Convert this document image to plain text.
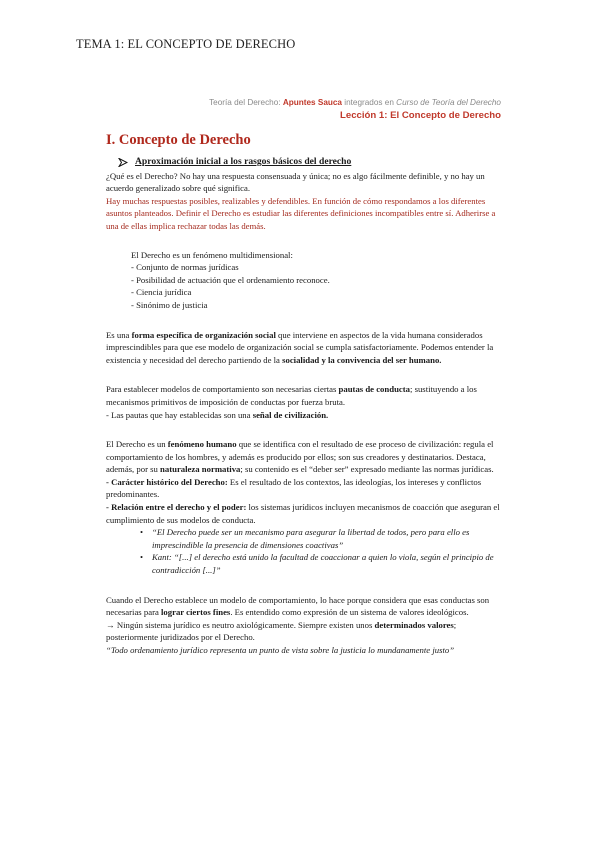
TEMA 1: EL CONCEPTO DE DERECHO
Teoría del Derecho: Apuntes Sauca integrados en Curso de Teoría del Derecho
Lección 1: El Concepto de Derecho
I. Concepto de Derecho
Aproximación inicial a los rasgos básicos del derecho

¿Qué es el Derecho? No hay una respuesta consensuada y única; no es algo fácilmente definible, y no hay un acuerdo generalizado sobre qué significa.

Hay muchas respuestas posibles, realizables y defendibles. En función de cómo respondamos a los diferentes asuntos planteados. Definir el Derecho es estudiar las diferentes definiciones incompatibles entre sí. Adherirse a una de ellas implica rechazar todas las demás.

El Derecho es un fenómeno multidimensional:

- Conjunto de normas jurídicas

- Posibilidad de actuación que el ordenamiento reconoce.

- Ciencia jurídica

- Sinónimo de justicia

Es una forma específica de organización social que interviene en aspectos de la vida humana considerados imprescindibles para que ese modelo de organización social se cumpla satisfactoriamente. Podemos entender la existencia y necesidad del derecho partiendo de la socialidad y la convivencia del ser humano.

Para establecer modelos de comportamiento son necesarias ciertas pautas de conducta; sustituyendo a los mecanismos primitivos de imposición de conductas por fuerza bruta.

- Las pautas que hay establecidas son una señal de civilización.

El Derecho es un fenómeno humano que se identifica con el resultado de ese proceso de civilización: regula el comportamiento de los hombres, y además es producido por ellos; son sus creadores y destinatarios. Destaca, además, por su naturaleza normativa; su contenido es el “deber ser” expresado mediante las normas jurídicas.

- Carácter histórico del Derecho: Es el resultado de los contextos, las ideologías, los intereses y conflictos predominantes.

- Relación entre el derecho y el poder: los sistemas jurídicos incluyen mecanismos de coacción que aseguran el cumplimiento de sus modelos de conducta.

• “El Derecho puede ser un mecanismo para asegurar la libertad de todos, pero para ello es imprescindible la presencia de dimensiones coactivas”
• Kant: “[...] el derecho está unido la facultad de coaccionar a quien lo viola, según el principio de contradicción [...]”

Cuando el Derecho establece un modelo de comportamiento, lo hace porque considera que esas conductas son necesarias para lograr ciertos fines. Es entendido como expresión de un sistema de valores ideológicos.

→ Ningún sistema jurídico es neutro axiológicamente. Siempre existen unos determinados valores; posteriormente juridizados por el Derecho.

“Todo ordenamiento jurídico representa un punto de vista sobre la justicia lo mundanamente justo”
